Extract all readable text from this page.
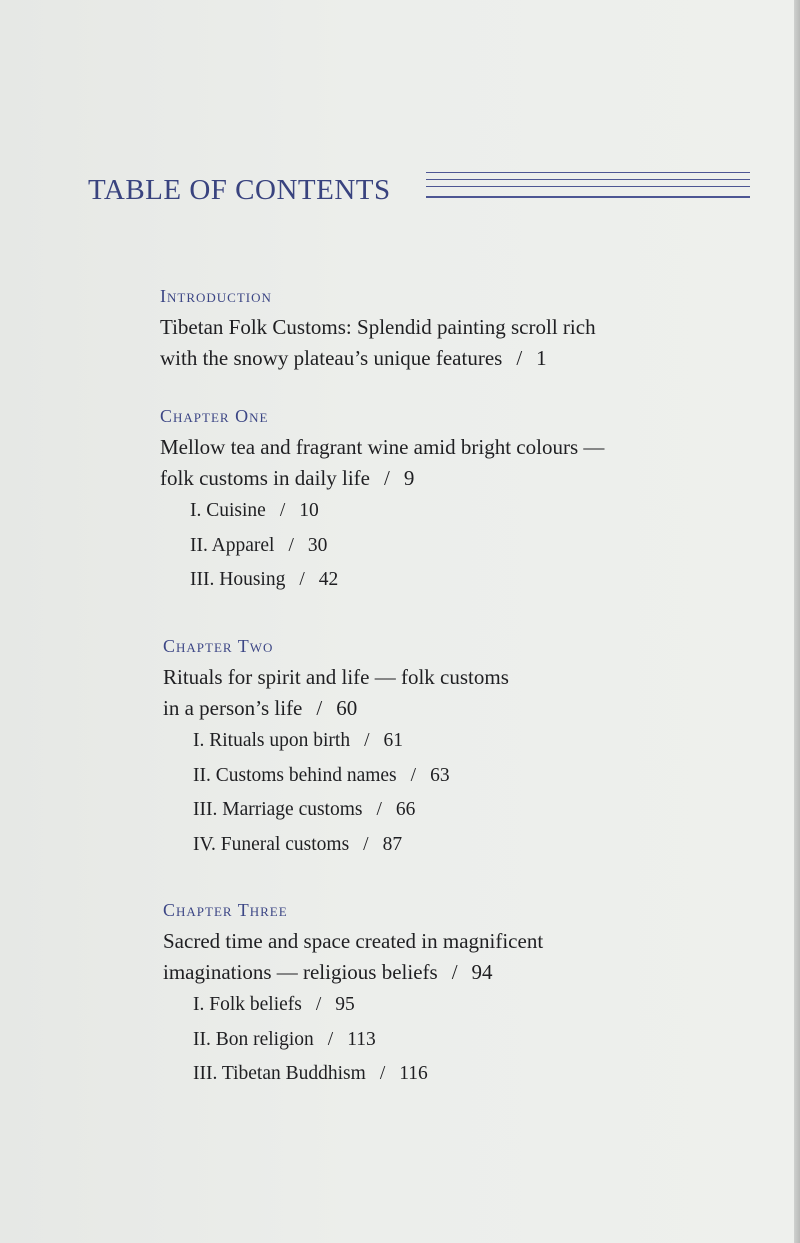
TABLE OF CONTENTS
Introduction
Tibetan Folk Customs: Splendid painting scroll rich
with the snowy plateau’s unique features / 1
Chapter One
Mellow tea and fragrant wine amid bright colours —
folk customs in daily life / 9
I. Cuisine / 10
II. Apparel / 30
III. Housing / 42
Chapter Two
Rituals for spirit and life — folk customs
in a person’s life / 60
I. Rituals upon birth / 61
II. Customs behind names / 63
III. Marriage customs / 66
IV. Funeral customs / 87
Chapter Three
Sacred time and space created in magnificent
imaginations — religious beliefs / 94
I. Folk beliefs / 95
II. Bon religion / 113
III. Tibetan Buddhism / 116
